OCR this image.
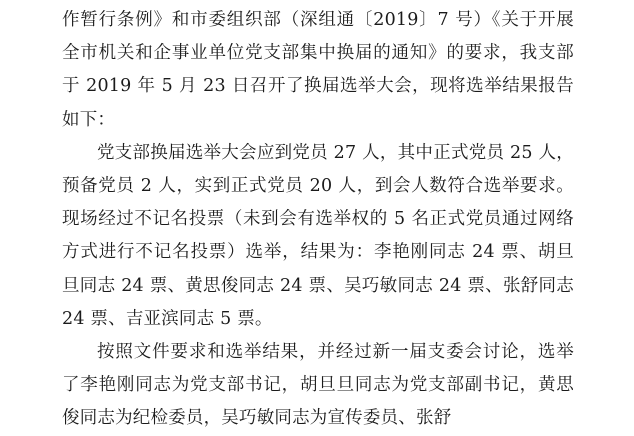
作暂行条例》和市委组织部（深组通〔2019〕7 号）《关于开展全市机关和企事业单位党支部集中换届的通知》的要求，我支部于 2019 年 5 月 23 日召开了换届选举大会，现将选举结果报告如下：

党支部换届选举大会应到党员 27 人，其中正式党员 25 人，预备党员 2 人，实到正式党员 20 人，到会人数符合选举要求。现场经过不记名投票（未到会有选举权的 5 名正式党员通过网络方式进行不记名投票）选举，结果为：李艳刚同志 24 票、胡旦旦同志 24 票、黄思俊同志 24 票、吴巧敏同志 24 票、张舒同志 24 票、吉亚滨同志 5 票。

按照文件要求和选举结果，并经过新一届支委会讨论，选举了李艳刚同志为党支部书记，胡旦旦同志为党支部副书记，黄思俊同志为纪检委员，吴巧敏同志为宣传委员、张舒
